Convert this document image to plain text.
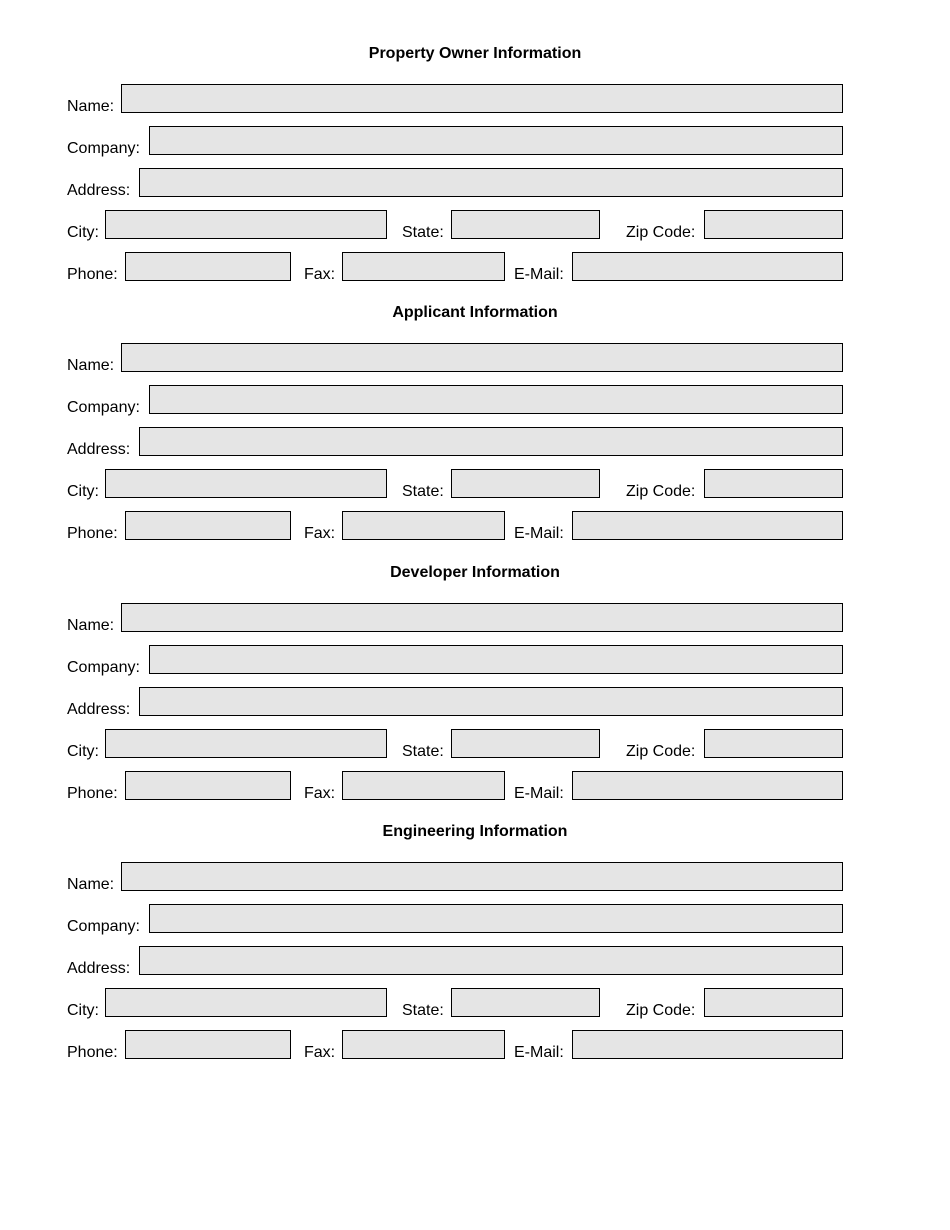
Property Owner Information
Name:
Company:
Address:
City:	State:	Zip Code:
Phone:	Fax:	E-Mail:
Applicant Information
Name:
Company:
Address:
City:	State:	Zip Code:
Phone:	Fax:	E-Mail:
Developer Information
Name:
Company:
Address:
City:	State:	Zip Code:
Phone:	Fax:	E-Mail:
Engineering Information
Name:
Company:
Address:
City:	State:	Zip Code:
Phone:	Fax:	E-Mail:
